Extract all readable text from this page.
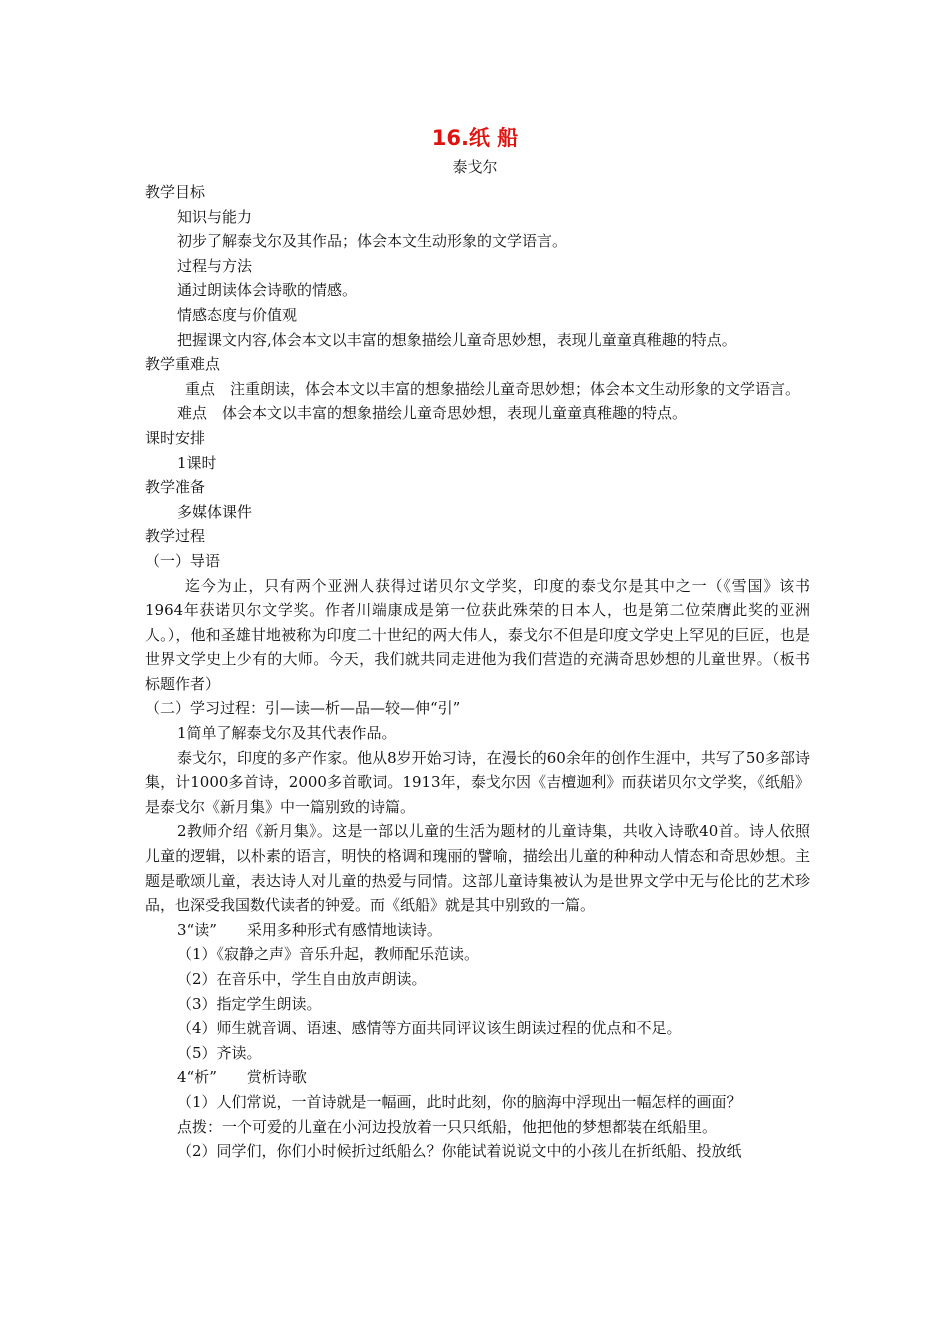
16.纸 船
泰戈尔
教学目标
知识与能力
初步了解泰戈尔及其作品；体会本文生动形象的文学语言。
过程与方法
通过朗读体会诗歌的情感。
情感态度与价值观
把握课文内容,体会本文以丰富的想象描绘儿童奇思妙想，表现儿童童真稚趣的特点。
教学重难点
重点　注重朗读，体会本文以丰富的想象描绘儿童奇思妙想；体会本文生动形象的文学语言。
难点　体会本文以丰富的想象描绘儿童奇思妙想，表现儿童童真稚趣的特点。
课时安排
1课时
教学准备
多媒体课件
教学过程
（一）导语
迄今为止，只有两个亚洲人获得过诺贝尔文学奖，印度的泰戈尔是其中之一（《雪国》该书1964年获诺贝尔文学奖。作者川端康成是第一位获此殊荣的日本人，也是第二位荣膺此奖的亚洲人。），他和圣雄甘地被称为印度二十世纪的两大伟人，泰戈尔不但是印度文学史上罕见的巨匠，也是世界文学史上少有的大师。今天，我们就共同走进他为我们营造的充满奇思妙想的儿童世界。（板书标题作者）
（二）学习过程：引—读—析—品—较—伸“引”
1简单了解泰戈尔及其代表作品。
泰戈尔，印度的多产作家。他从8岁开始习诗，在漫长的60余年的创作生涯中，共写了50多部诗集，计1000多首诗，2000多首歌词。1913年，泰戈尔因《吉檀迦利》而获诺贝尔文学奖，《纸船》是泰戈尔《新月集》中一篇别致的诗篇。
2教师介绍《新月集》。这是一部以儿童的生活为题材的儿童诗集，共收入诗歌40首。诗人依照儿童的逻辑，以朴素的语言，明快的格调和瑰丽的譬喻，描绘出儿童的种种动人情态和奇思妙想。主题是歌颂儿童，表达诗人对儿童的热爱与同情。这部儿童诗集被认为是世界文学中无与伦比的艺术珍品，也深受我国数代读者的钟爱。而《纸船》就是其中别致的一篇。
3“读”　　采用多种形式有感情地读诗。
（1）《寂静之声》音乐升起，教师配乐范读。
（2）在音乐中，学生自由放声朗读。
（3）指定学生朗读。
（4）师生就音调、语速、感情等方面共同评议该生朗读过程的优点和不足。
（5）齐读。
4“析”　　赏析诗歌
（1）人们常说，一首诗就是一幅画，此时此刻，你的脑海中浮现出一幅怎样的画面？
点拨：一个可爱的儿童在小河边投放着一只只纸船，他把他的梦想都装在纸船里。
（2）同学们，你们小时候折过纸船么？你能试着说说文中的小孩儿在折纸船、投放纸
